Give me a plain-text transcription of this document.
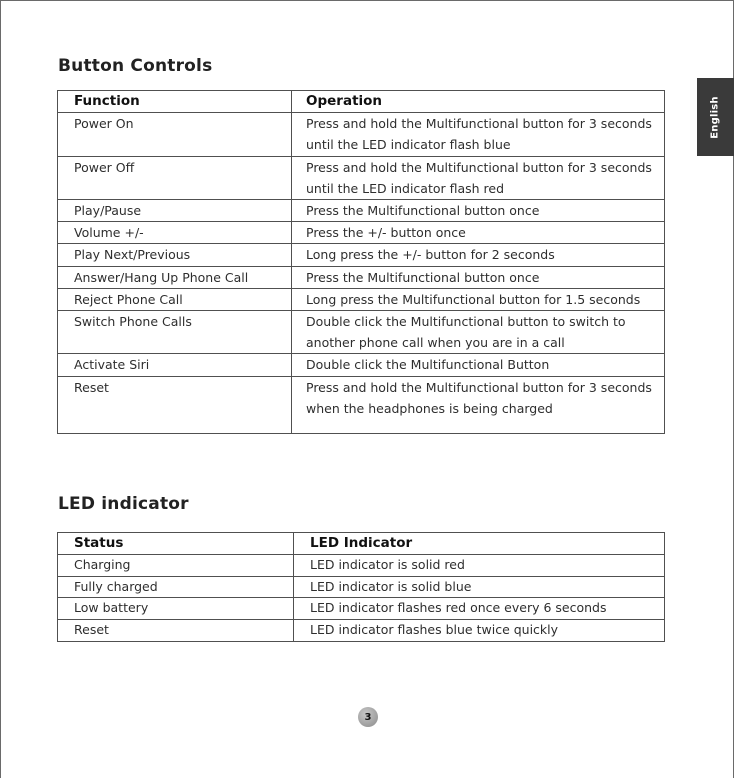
English
Button Controls
Function	Operation
Power On	Press and hold the Multifunctional button for 3 seconds until the LED indicator flash blue
Power Off	Press and hold the Multifunctional button for 3 seconds until the LED indicator flash red
Play/Pause	Press the Multifunctional button once
Volume +/-	Press the +/- button once
Play Next/Previous	Long press the +/- button for 2 seconds
Answer/Hang Up Phone Call	Press the Multifunctional button once
Reject Phone Call	Long press the Multifunctional button for 1.5 seconds
Switch Phone Calls	Double click the Multifunctional button to switch to another phone call when you are in a call
Activate Siri	Double click the Multifunctional Button
Reset	Press and hold the Multifunctional button for 3 seconds when the headphones is being charged
LED indicator
Status	LED Indicator
Charging	LED indicator is solid red
Fully charged	LED indicator is solid blue
Low battery	LED indicator flashes red once every 6 seconds
Reset	LED indicator flashes blue twice quickly
3
